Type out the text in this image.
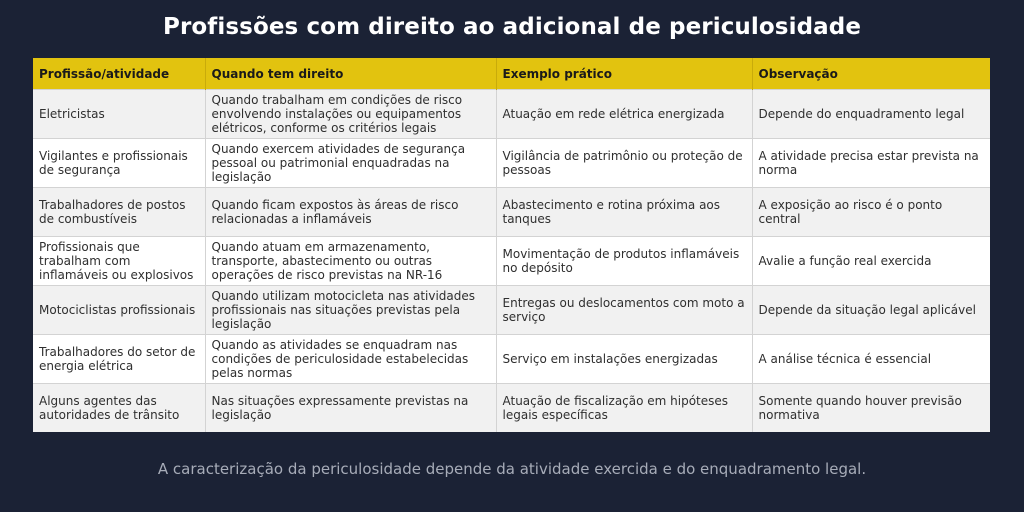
Profissões com direito ao adicional de periculosidade
Profissão/atividade	Quando tem direito	Exemplo prático	Observação
Eletricistas	Quando trabalham em condições de risco envolvendo instalações ou equipamentos elétricos, conforme os critérios legais	Atuação em rede elétrica energizada	Depende do enquadramento legal
Vigilantes e profissionais de segurança	Quando exercem atividades de segurança pessoal ou patrimonial enquadradas na legislação	Vigilância de patrimônio ou proteção de pessoas	A atividade precisa estar prevista na norma
Trabalhadores de postos de combustíveis	Quando ficam expostos às áreas de risco relacionadas a inflamáveis	Abastecimento e rotina próxima aos tanques	A exposição ao risco é o ponto central
Profissionais que trabalham com inflamáveis ou explosivos	Quando atuam em armazenamento, transporte, abastecimento ou outras operações de risco previstas na NR-16	Movimentação de produtos inflamáveis no depósito	Avalie a função real exercida
Motociclistas profissionais	Quando utilizam motocicleta nas atividades profissionais nas situações previstas pela legislação	Entregas ou deslocamentos com moto a serviço	Depende da situação legal aplicável
Trabalhadores do setor de energia elétrica	Quando as atividades se enquadram nas condições de periculosidade estabelecidas pelas normas	Serviço em instalações energizadas	A análise técnica é essencial
Alguns agentes das autoridades de trânsito	Nas situações expressamente previstas na legislação	Atuação de fiscalização em hipóteses legais específicas	Somente quando houver previsão normativa
A caracterização da periculosidade depende da atividade exercida e do enquadramento legal.
